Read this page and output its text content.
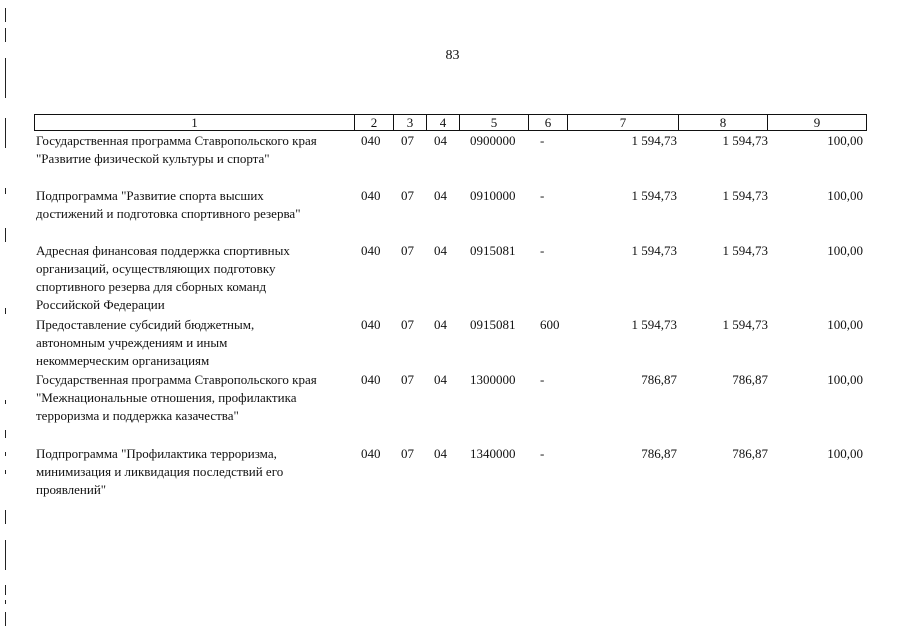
83
1	2	3	4	5	6	7	8	9
Государственная программа Ставропольского края
"Развитие физической культуры и спорта"
040 07 04 0900000 -	1 594,73	1 594,73	100,00
Подпрограмма "Развитие спорта высших
достижений и подготовка спортивного резерва"
040 07 04 0910000 -	1 594,73	1 594,73	100,00
Адресная финансовая поддержка спортивных
организаций, осуществляющих подготовку
спортивного резерва для сборных команд
Российской Федерации
040 07 04 0915081 -	1 594,73	1 594,73	100,00
Предоставление субсидий бюджетным,
автономным учреждениям и иным
некоммерческим организациям
040 07 04 0915081 600	1 594,73	1 594,73	100,00
Государственная программа Ставропольского края
"Межнациональные отношения, профилактика
терроризма и поддержка казачества"
040 07 04 1300000 -	786,87	786,87	100,00
Подпрограмма "Профилактика терроризма,
минимизация и ликвидация последствий его
проявлений"
040 07 04 1340000 -	786,87	786,87	100,00
